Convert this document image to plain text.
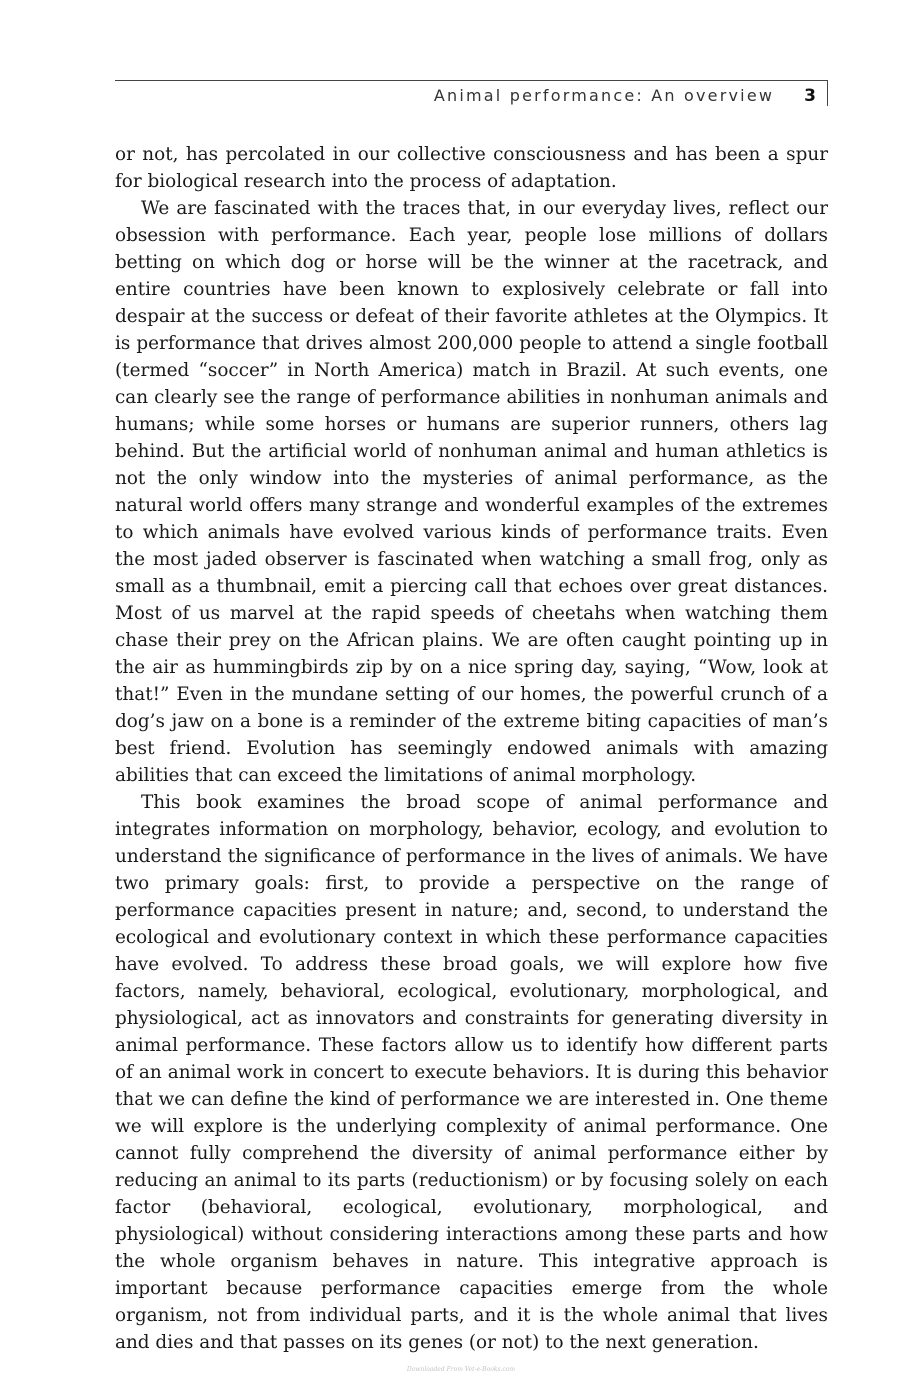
Animal performance: An overview 3

or not, has percolated in our collective consciousness and has been a spur for biological research into the process of adaptation.

We are fascinated with the traces that, in our everyday lives, reflect our obsession with performance. Each year, people lose millions of dollars betting on which dog or horse will be the winner at the racetrack, and entire countries have been known to explosively celebrate or fall into despair at the success or defeat of their favorite athletes at the Olympics. It is performance that drives almost 200,000 people to attend a single football (termed “soccer” in North America) match in Brazil. At such events, one can clearly see the range of performance abilities in nonhuman animals and humans; while some horses or humans are superior runners, others lag behind. But the artificial world of nonhuman animal and human athletics is not the only window into the mysteries of animal performance, as the natural world offers many strange and wonderful examples of the extremes to which animals have evolved various kinds of performance traits. Even the most jaded observer is fascinated when watching a small frog, only as small as a thumbnail, emit a piercing call that echoes over great distances. Most of us marvel at the rapid speeds of cheetahs when watching them chase their prey on the African plains. We are often caught pointing up in the air as hummingbirds zip by on a nice spring day, saying, “Wow, look at that!” Even in the mundane setting of our homes, the powerful crunch of a dog’s jaw on a bone is a reminder of the extreme biting capacities of man’s best friend. Evolution has seemingly endowed animals with amazing abilities that can exceed the limitations of animal morphology.

This book examines the broad scope of animal performance and integrates information on morphology, behavior, ecology, and evolution to understand the significance of performance in the lives of animals. We have two primary goals: first, to provide a perspective on the range of performance capacities present in nature; and, second, to understand the ecological and evolutionary context in which these performance capacities have evolved. To address these broad goals, we will explore how five factors, namely, behavioral, ecological, evolutionary, morphological, and physiological, act as innovators and constraints for generating diversity in animal performance. These factors allow us to identify how different parts of an animal work in concert to execute behaviors. It is during this behavior that we can define the kind of performance we are interested in. One theme we will explore is the underlying complexity of animal performance. One cannot fully comprehend the diversity of animal performance either by reducing an animal to its parts (reductionism) or by focusing solely on each factor (behavioral, ecological, evolutionary, morphological, and physiological) without considering interactions among these parts and how the whole organism behaves in nature. This integrative approach is important because performance capacities emerge from the whole organism, not from individual parts, and it is the whole animal that lives and dies and that passes on its genes (or not) to the next generation.

Downloaded From Vet-e-Books.com
